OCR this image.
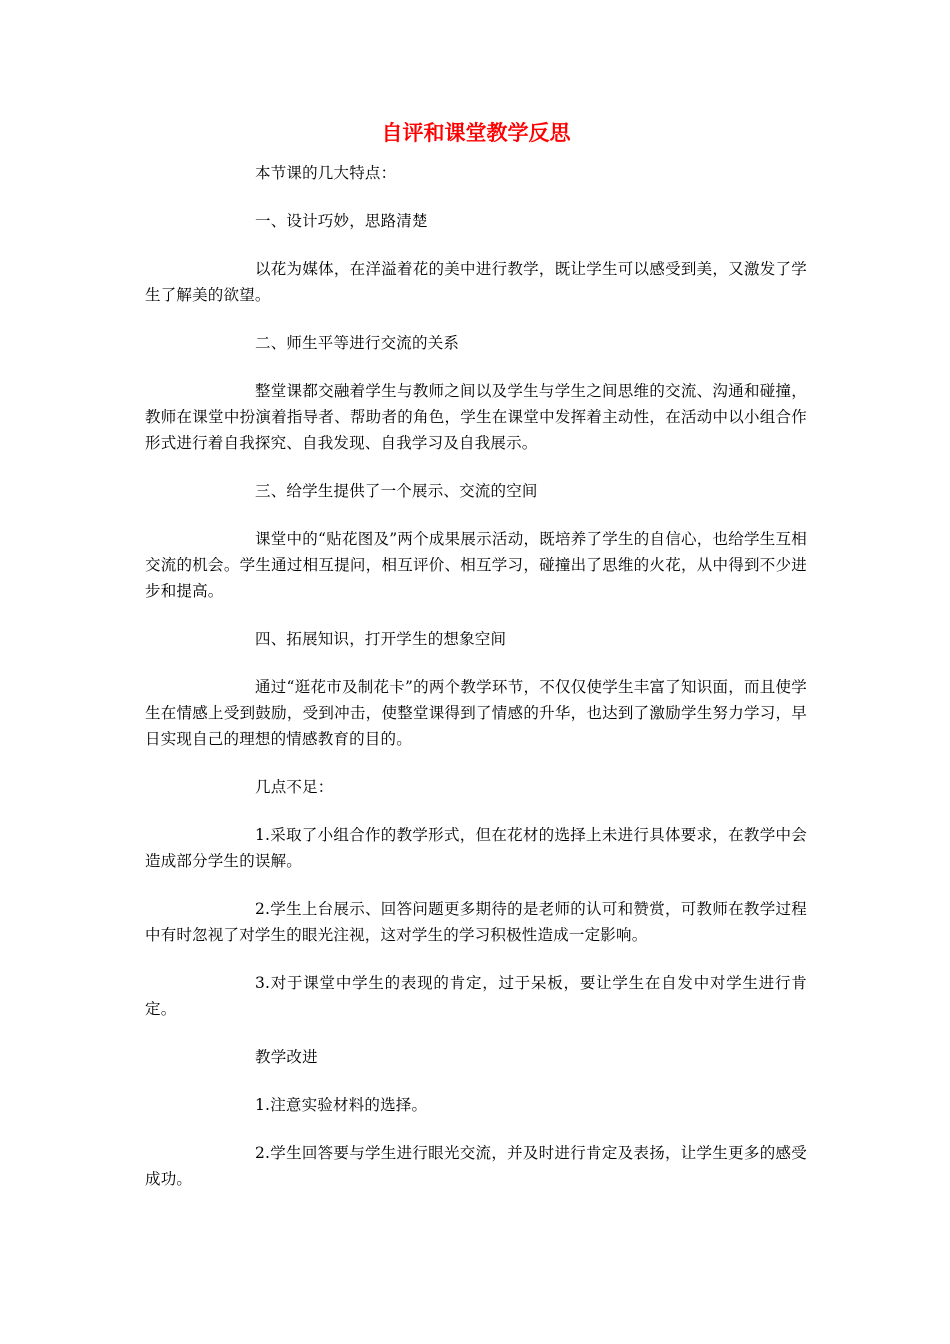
自评和课堂教学反思

本节课的几大特点：

一、设计巧妙，思路清楚

以花为媒体，在洋溢着花的美中进行教学，既让学生可以感受到美，又激发了学生了解美的欲望。

二、师生平等进行交流的关系

整堂课都交融着学生与教师之间以及学生与学生之间思维的交流、沟通和碰撞，教师在课堂中扮演着指导者、帮助者的角色，学生在课堂中发挥着主动性，在活动中以小组合作形式进行着自我探究、自我发现、自我学习及自我展示。

三、给学生提供了一个展示、交流的空间

课堂中的“贴花图及”两个成果展示活动，既培养了学生的自信心，也给学生互相交流的机会。学生通过相互提问，相互评价、相互学习，碰撞出了思维的火花，从中得到不少进步和提高。

四、拓展知识，打开学生的想象空间

通过“逛花市及制花卡”的两个教学环节，不仅仅使学生丰富了知识面，而且使学生在情感上受到鼓励，受到冲击，使整堂课得到了情感的升华，也达到了激励学生努力学习，早日实现自己的理想的情感教育的目的。

几点不足：

1.采取了小组合作的教学形式，但在花材的选择上未进行具体要求，在教学中会造成部分学生的误解。

2.学生上台展示、回答问题更多期待的是老师的认可和赞赏，可教师在教学过程中有时忽视了对学生的眼光注视，这对学生的学习积极性造成一定影响。

3.对于课堂中学生的表现的肯定，过于呆板，要让学生在自发中对学生进行肯定。

教学改进

1.注意实验材料的选择。

2.学生回答要与学生进行眼光交流，并及时进行肯定及表扬，让学生更多的感受成功。
